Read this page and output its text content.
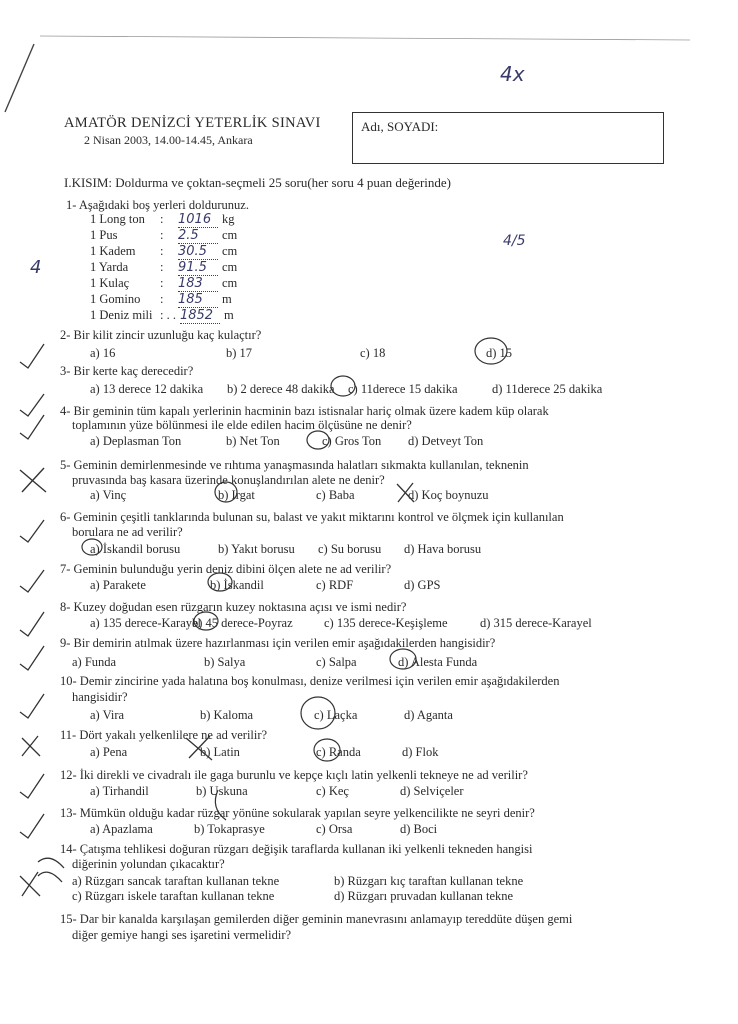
4x
4
AMATÖR DENİZCİ YETERLİK SINAVI
2 Nisan 2003, 14.00-14.45, Ankara
Adı, SOYADI:
I.KISIM: Doldurma ve çoktan-seçmeli 25 soru(her soru 4 puan değerinde)
1- Aşağıdaki boş yerleri doldurunuz.
1 Long ton : 1016 kg
1 Pus	: 2.5 cm
1 Kadem : 30.5 cm
1 Yarda	: 91.5 cm
1 Kulaç : 183 cm
1 Gomino : 185 m
1 Deniz mili : . . 1852 m
4/5
2- Bir kilit zincir uzunluğu kaç kulaçtır?
a) 16	b) 17	c) 18	d) 15
3- Bir kerte kaç derecedir?
a) 13 derece 12 dakika b) 2 derece 48 dakika c) 11derece 15 dakika	d) 11derece 25 dakika
4- Bir geminin tüm kapalı yerlerinin hacminin bazı istisnalar hariç olmak üzere kadem küp olarak
toplamının yüze bölünmesi ile elde edilen hacim ölçüsüne ne denir?
a) Deplasman Ton	b) Net Ton	c) Gros Ton d) Detveyt Ton
5- Geminin demirlenmesinde ve rıhtıma yanaşmasında halatları sıkmakta kullanılan, teknenin
pruvasında baş kasara üzerinde konuşlandırılan alete ne denir?
a) Vinç	b) Irgat	c) Baba	d) Koç boynuzu
6- Geminin çeşitli tanklarında bulunan su, balast ve yakıt miktarını kontrol ve ölçmek için kullanılan
borulara ne ad verilir?
a) İskandil borusu	b) Yakıt borusu c) Su borusu d) Hava borusu
7- Geminin bulunduğu yerin deniz dibini ölçen alete ne ad verilir?
a) Parakete	b) İskandil	c) RDF	d) GPS
8- Kuzey doğudan esen rüzgarın kuzey noktasına açısı ve ismi nedir?
a) 135 derece-Karayel
b) 45 derece-Poyraz	c) 135 derece-Keşişleme	d) 315 derece-Karayel
9- Bir demirin atılmak üzere hazırlanması için verilen emir aşağıdakilerden hangisidir?
a) Funda	b) Salya	c) Salpa	d) Alesta Funda
10- Demir zincirine yada halatına boş konulması, denize verilmesi için verilen emir aşağıdakilerden
hangisidir?
a) Vira	b) Kaloma	c) Laçka	d) Aganta
11- Dört yakalı yelkenlilere ne ad verilir?
a) Pena	b) Latin	c) Randa	d) Flok
12- İki direkli ve civadralı ile gaga burunlu ve kepçe kıçlı latin yelkenli tekneye ne ad verilir?
a) Tirhandil	b) Uskuna	c) Keç	d) Selviçeler
13- Mümkün olduğu kadar rüzgar yönüne sokularak yapılan seyre yelkencilikte ne seyri denir?
a) Apazlama	b) Tokaprasye	c) Orsa	d) Boci
14- Çatışma tehlikesi doğuran rüzgarı değişik taraflarda kullanan iki yelkenli tekneden hangisi
diğerinin yolundan çıkacaktır?
a) Rüzgarı sancak taraftan kullanan tekne	b) Rüzgarı kıç taraftan kullanan tekne
c) Rüzgarı iskele taraftan kullanan tekne	d) Rüzgarı pruvadan kullanan tekne
15- Dar bir kanalda karşılaşan gemilerden diğer geminin manevrasını anlamayıp tereddüte düşen gemi
diğer gemiye hangi ses işaretini vermelidir?
